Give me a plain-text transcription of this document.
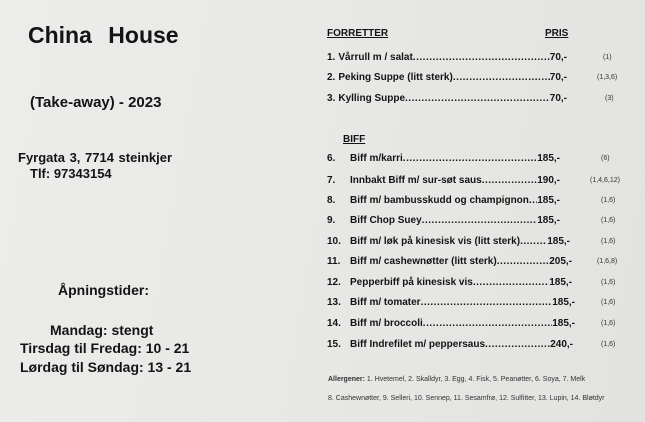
China House
(Take-away) - 2023
Fyrgata 3, 7714 steinkjer
Tlf: 97343154
Åpningstider:
Mandag: stengt
Tirsdag til Fredag: 10 - 21
Lørdag til Søndag: 13 - 21
FORRETTER	PRIS
BIFF
1. Vårrull m / salat .....	70,-	(1)
2. Peking Suppe (litt sterk) .....	70,-	(1,3,6)
3. Kylling Suppe .....	70,-	(3)
6.	Biff m/karri .....	185,-	(6)
7.	Innbakt Biff m/ sur-søt saus .....	190,-	(1,4,6,12)
8.	Biff m/ bambusskudd og champignon ..... 185,-	(1,6)
9.	Biff Chop Suey .....	185,-	(1,6)
10. Biff m/ løk på kinesisk vis (litt sterk) .....	185,-	(1,6)
11. Biff m/ cashewnøtter (litt sterk) .....	205,-	(1,6,8)
12. Pepperbiff på kinesisk vis .....	185,-	(1,6)
13. Biff m/ tomater .....	185,-	(1,6)
14. Biff m/ broccoli .....	185,-	(1,6)
15. Biff Indrefilet m/ peppersaus .....	240,-	(1,6)
Allergener: 1. Hvetemel, 2. Skalldyr, 3. Egg, 4. Fisk, 5. Peanøtter, 6. Soya, 7. Melk
8. Cashewnøtter, 9. Selleri, 10. Sennep, 11. Sesamfrø, 12. Sulfitter, 13. Lupin, 14. Bløtdyr
